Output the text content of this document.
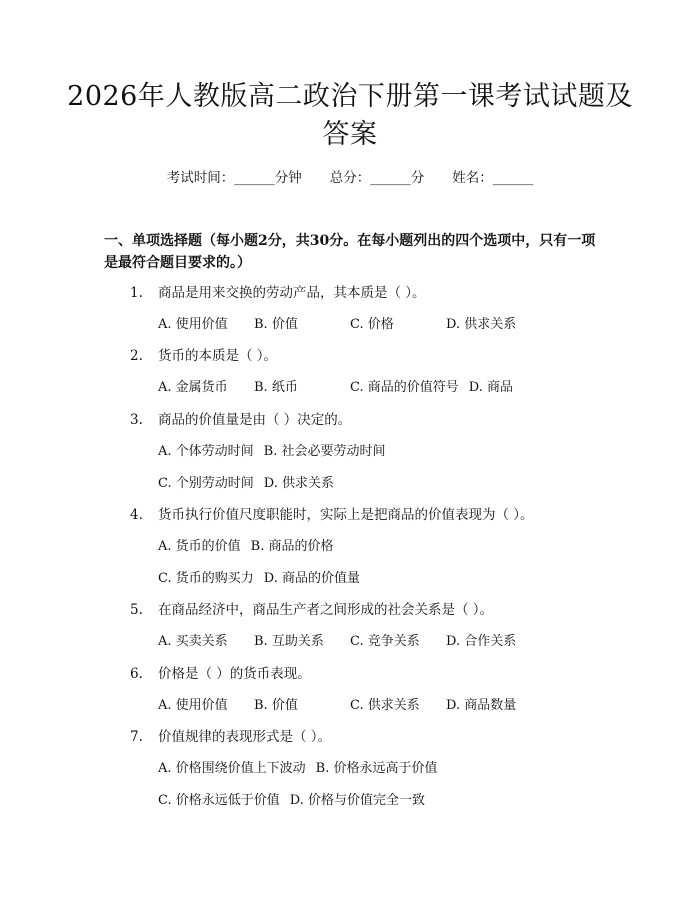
2026年人教版高二政治下册第一课考试试题及答案
考试时间：______分钟 总分：______分 姓名：______
一、单项选择题（每小题2分，共30分。在每小题列出的四个选项中，只有一项是最符合题目要求的。）
1. 商品是用来交换的劳动产品，其本质是（ ）。
A. 使用价值 B. 价值	C. 价格	D. 供求关系
2. 货币的本质是（ ）。
A. 金属货币 B. 纸币	C. 商品的价值符号 D. 商品
3. 商品的价值量是由（ ）决定的。
A. 个体劳动时间 B. 社会必要劳动时间
C. 个别劳动时间 D. 供求关系
4. 货币执行价值尺度职能时，实际上是把商品的价值表现为（ ）。
A. 货币的价值 B. 商品的价格
C. 货币的购买力 D. 商品的价值量
5. 在商品经济中，商品生产者之间形成的社会关系是（ ）。
A. 买卖关系 B. 互助关系 C. 竞争关系 D. 合作关系
6. 价格是（ ）的货币表现。
A. 使用价值 B. 价值	C. 供求关系 D. 商品数量
7. 价值规律的表现形式是（ ）。
A. 价格围绕价值上下波动 B. 价格永远高于价值
C. 价格永远低于价值 D. 价格与价值完全一致
